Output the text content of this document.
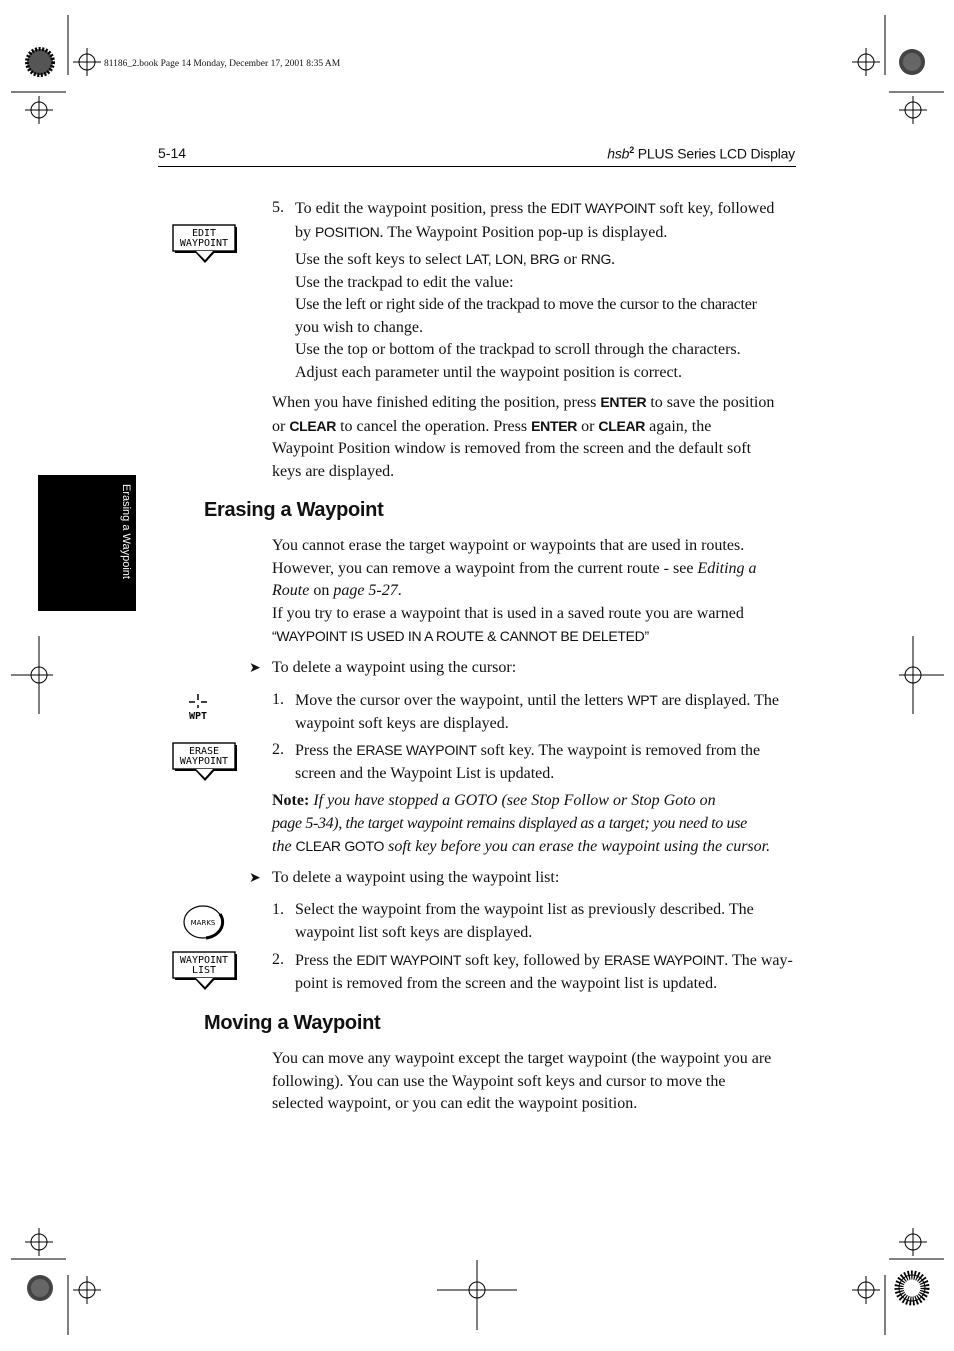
81186_2.book Page 14 Monday, December 17, 2001 8:35 AM
5-14	hsb$^2$ PLUS Series LCD Display
Erasing a Waypoint
EDIT
WAYPOINT
5. To edit the waypoint position, press the EDIT WAYPOINT soft key, followed

by POSITION. The Waypoint Position pop-up is displayed.

Use the soft keys to select LAT, LON, BRG or RNG.

Use the trackpad to edit the value:

Use the left or right side of the trackpad to move the cursor to the character

you wish to change.

Use the top or bottom of the trackpad to scroll through the characters.

Adjust each parameter until the waypoint position is correct.

When you have finished editing the position, press ENTER to save the position

or CLEAR to cancel the operation. Press ENTER or CLEAR again, the

Waypoint Position window is removed from the screen and the default soft

keys are displayed.

Erasing a Waypoint

You cannot erase the target waypoint or waypoints that are used in routes.

However, you can remove a waypoint from the current route - see Editing a

Route on page 5-27.

If you try to erase a waypoint that is used in a saved route you are warned

“WAYPOINT IS USED IN A ROUTE & CANNOT BE DELETED”

➤ To delete a waypoint using the cursor:
WPT
1. Move the cursor over the waypoint, until the letters WPT are displayed. The

waypoint soft keys are displayed.

ERASE
WAYPOINT
2. Press the ERASE WAYPOINT soft key. The waypoint is removed from the

screen and the Waypoint List is updated.

Note: If you have stopped a GOTO (see Stop Follow or Stop Goto on

page 5-34), the target waypoint remains displayed as a target; you need to use

the CLEAR GOTO soft key before you can erase the waypoint using the cursor.

➤ To delete a waypoint using the waypoint list:
MARKS
1. Select the waypoint from the waypoint list as previously described. The

waypoint list soft keys are displayed.

WAYPOINT
LIST
2. Press the EDIT WAYPOINT soft key, followed by ERASE WAYPOINT. The way-

point is removed from the screen and the waypoint list is updated.

Moving a Waypoint

You can move any waypoint except the target waypoint (the waypoint you are

following). You can use the Waypoint soft keys and cursor to move the

selected waypoint, or you can edit the waypoint position.
